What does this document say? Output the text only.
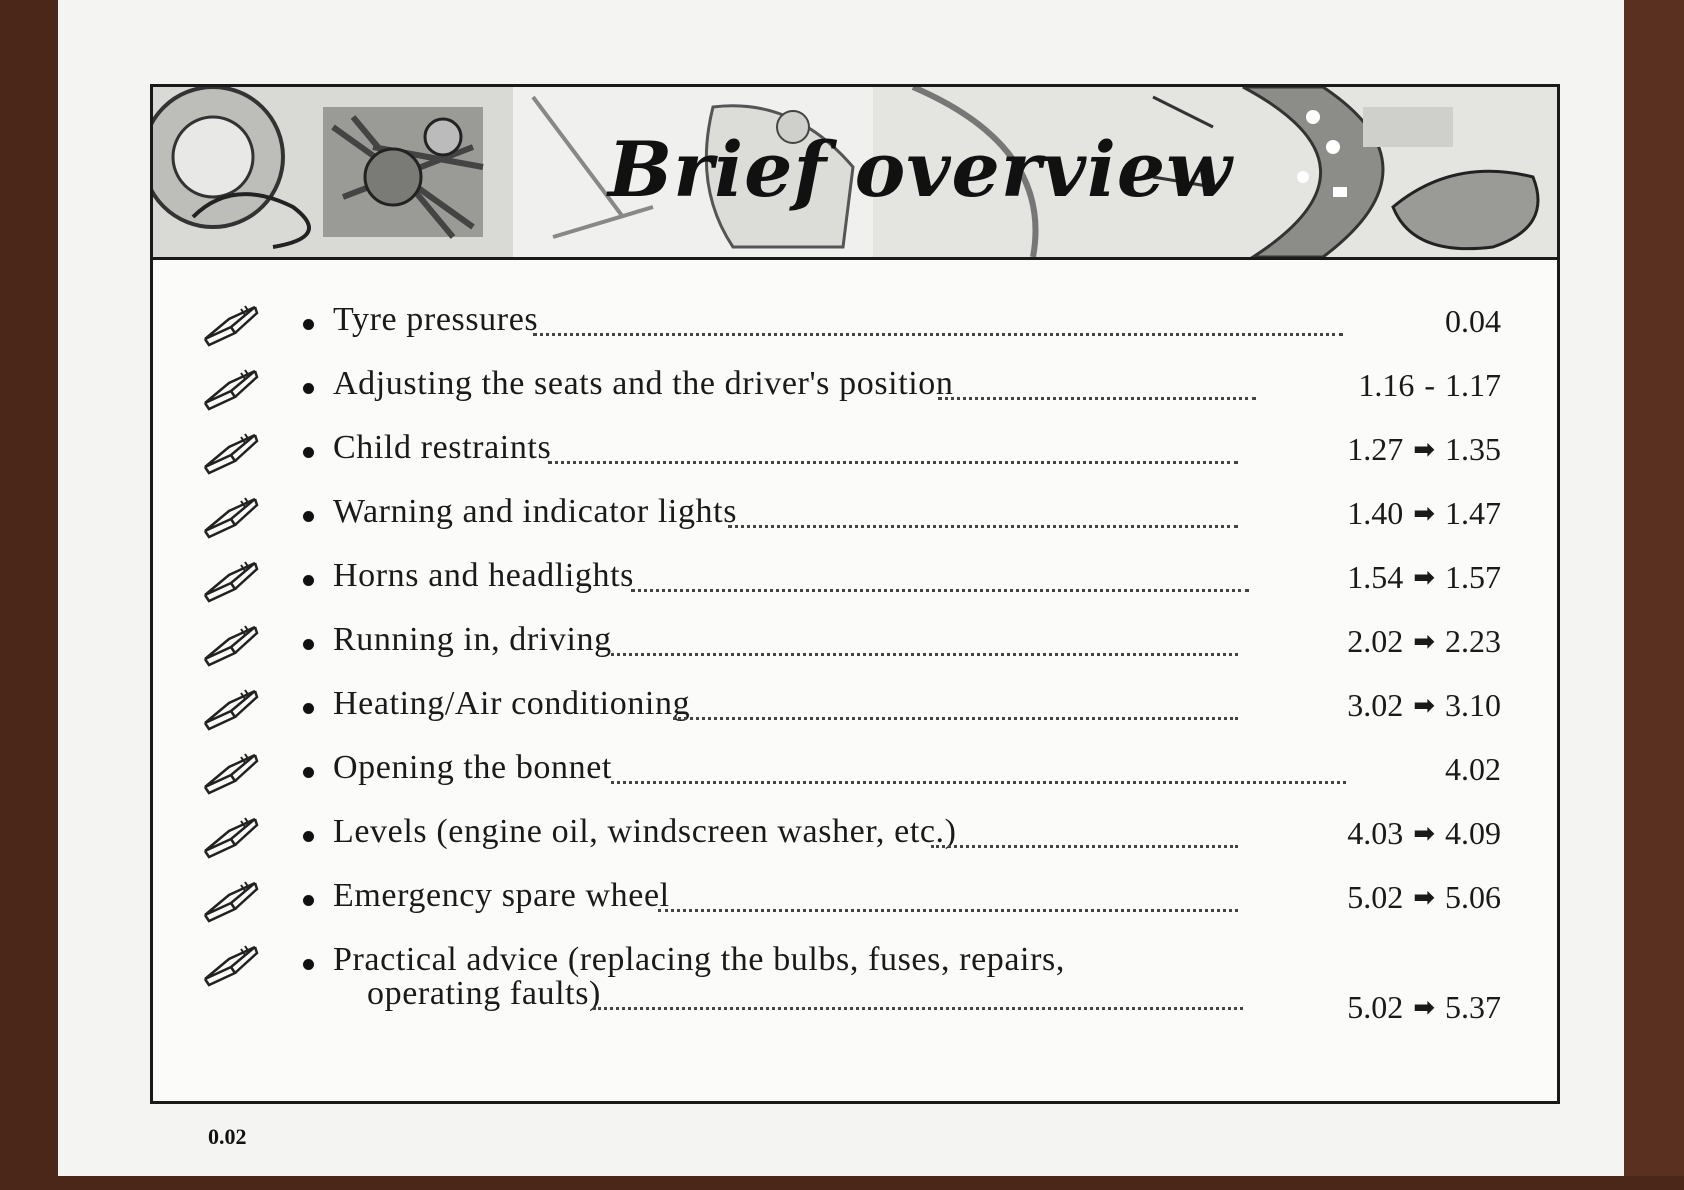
Brief overview
Tyre pressures	0.04
Adjusting the seats and the driver's position	1.16 - 1.17
Child restraints	1.27 ➡ 1.35
Warning and indicator lights	1.40 ➡ 1.47
Horns and headlights	1.54 ➡ 1.57
Running in, driving	2.02 ➡ 2.23
Heating/Air conditioning	3.02 ➡ 3.10
Opening the bonnet	4.02
Levels (engine oil, windscreen washer, etc.)	4.03 ➡ 4.09
Emergency spare wheel	5.02 ➡ 5.06
Practical advice (replacing the bulbs, fuses, repairs,
operating faults)	5.02 ➡ 5.37
0.02
